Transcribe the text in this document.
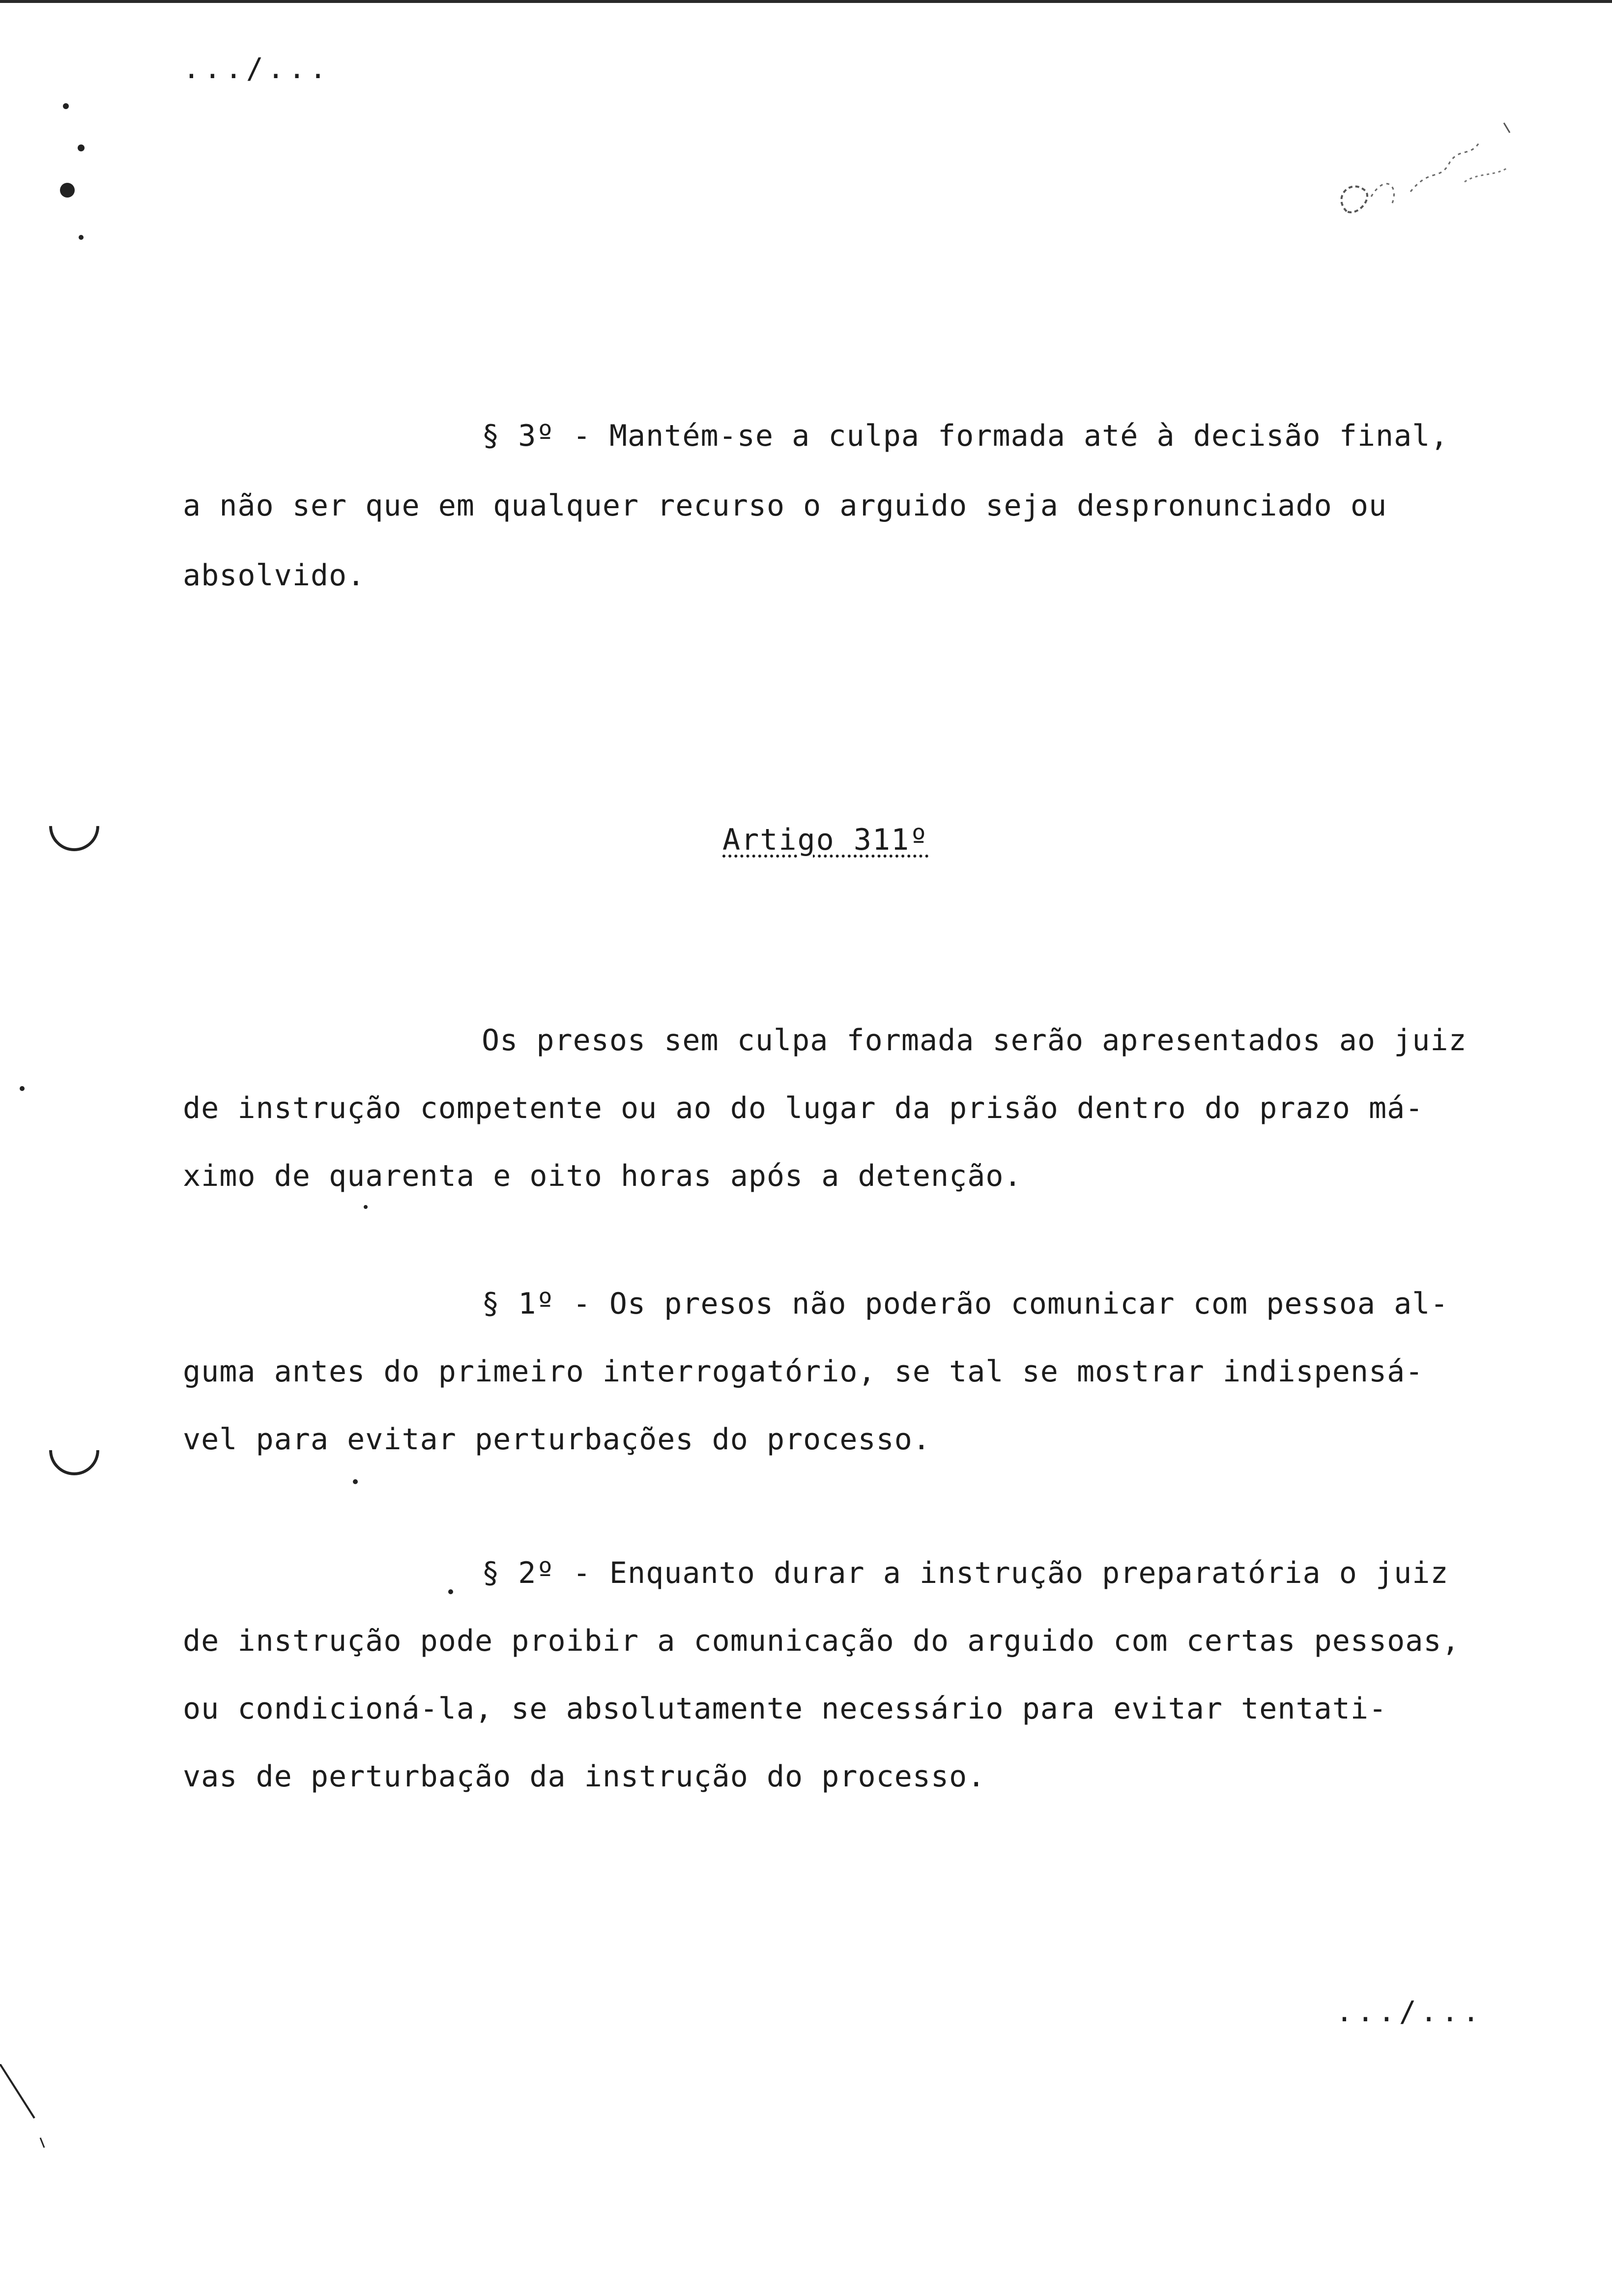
.../...
§ 3º - Mantém-se a culpa formada até à decisão final,
a não ser que em qualquer recurso o arguido seja despronunciado ou
absolvido.
Artigo 311º
Os presos sem culpa formada serão apresentados ao juiz
de instrução competente ou ao do lugar da prisão dentro do prazo má-
ximo de quarenta e oito horas após a detenção.
§ 1º - Os presos não poderão comunicar com pessoa al-
guma antes do primeiro interrogatório, se tal se mostrar indispensá-
vel para evitar perturbações do processo.
§ 2º - Enquanto durar a instrução preparatória o juiz
de instrução pode proibir a comunicação do arguido com certas pessoas,
ou condicioná-la, se absolutamente necessário para evitar tentati-
vas de perturbação da instrução do processo.
.../...
